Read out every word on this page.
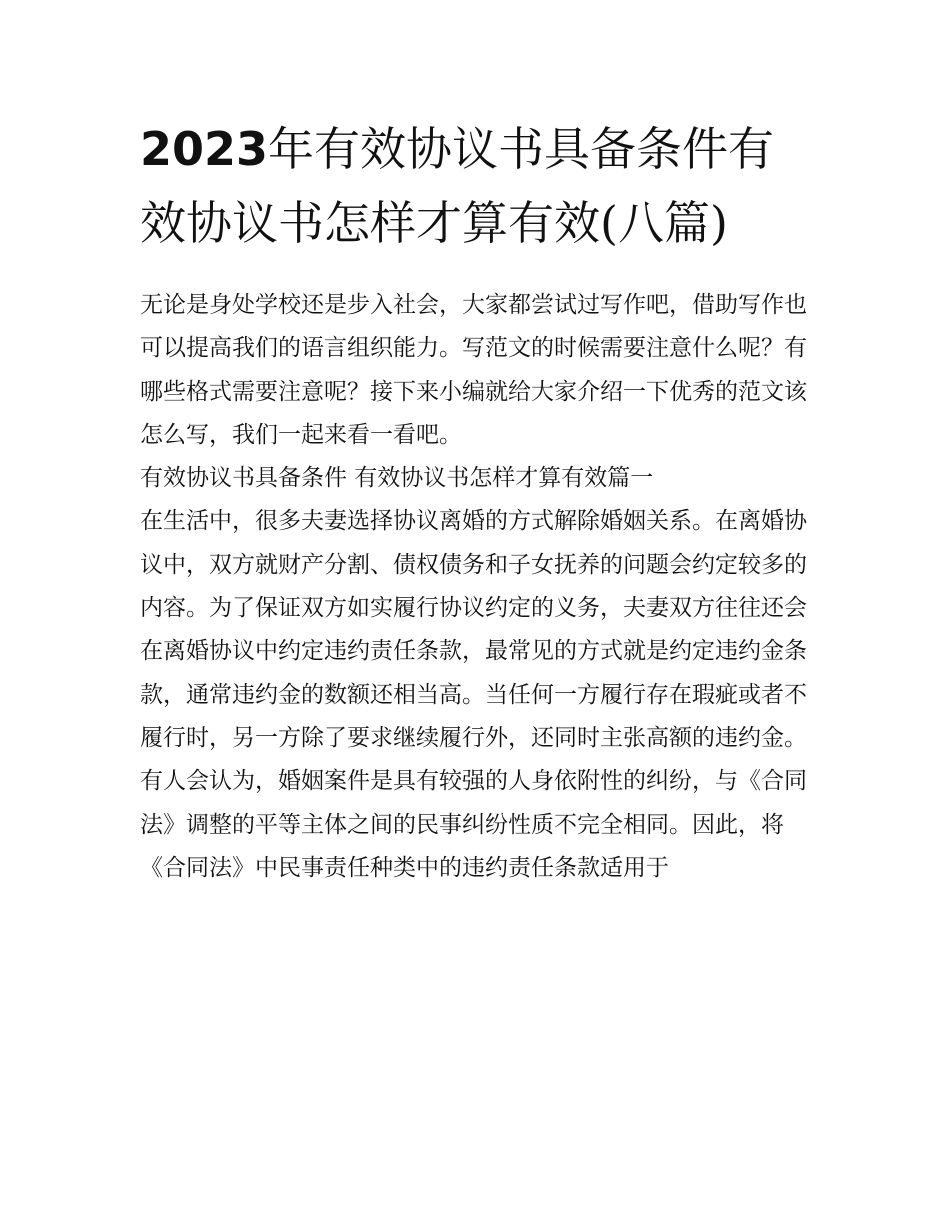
2023年有效协议书具备条件有效协议书怎样才算有效(八篇)

无论是身处学校还是步入社会，大家都尝试过写作吧，借助写作也可以提高我们的语言组织能力。写范文的时候需要注意什么呢？有哪些格式需要注意呢？接下来小编就给大家介绍一下优秀的范文该怎么写，我们一起来看一看吧。

有效协议书具备条件 有效协议书怎样才算有效篇一

在生活中，很多夫妻选择协议离婚的方式解除婚姻关系。在离婚协议中，双方就财产分割、债权债务和子女抚养的问题会约定较多的内容。为了保证双方如实履行协议约定的义务，夫妻双方往往还会在离婚协议中约定违约责任条款，最常见的方式就是约定违约金条款，通常违约金的数额还相当高。当任何一方履行存在瑕疵或者不履行时，另一方除了要求继续履行外，还同时主张高额的违约金。

有人会认为，婚姻案件是具有较强的人身依附性的纠纷，与《合同法》调整的平等主体之间的民事纠纷性质不完全相同。因此，将《合同法》中民事责任种类中的违约责任条款适用于
